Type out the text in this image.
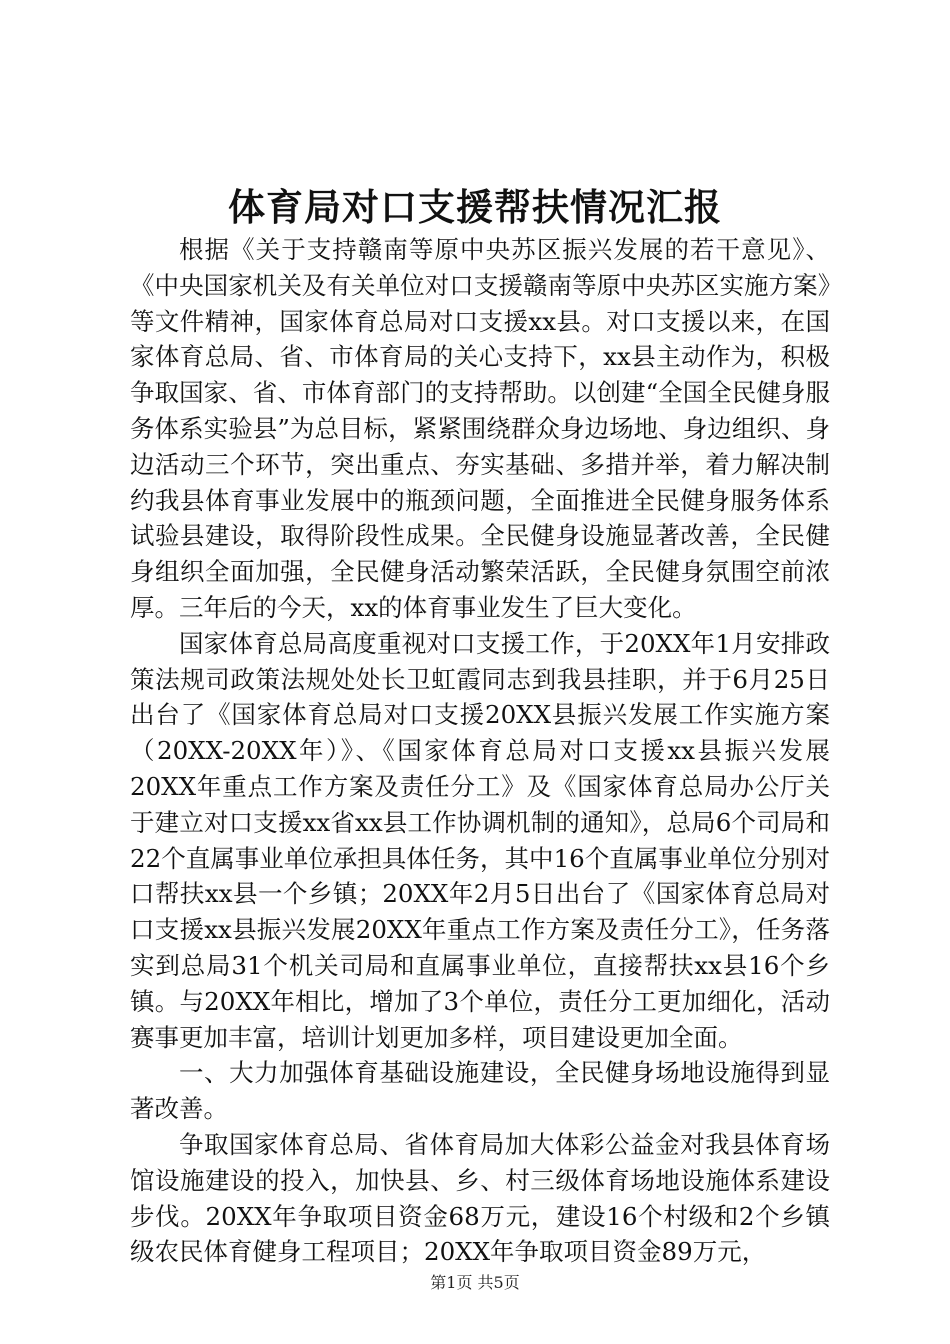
体育局对口支援帮扶情况汇报

根据《关于支持赣南等原中央苏区振兴发展的若干意见》、《中央国家机关及有关单位对口支援赣南等原中央苏区实施方案》等文件精神，国家体育总局对口支援xx县。对口支援以来，在国家体育总局、省、市体育局的关心支持下，xx县主动作为，积极争取国家、省、市体育部门的支持帮助。以创建“全国全民健身服务体系实验县”为总目标，紧紧围绕群众身边场地、身边组织、身边活动三个环节，突出重点、夯实基础、多措并举，着力解决制约我县体育事业发展中的瓶颈问题，全面推进全民健身服务体系试验县建设，取得阶段性成果。全民健身设施显著改善，全民健身组织全面加强，全民健身活动繁荣活跃，全民健身氛围空前浓厚。三年后的今天，xx的体育事业发生了巨大变化。

国家体育总局高度重视对口支援工作，于20XX年1月安排政策法规司政策法规处处长卫虹霞同志到我县挂职，并于6月25日出台了《国家体育总局对口支援20XX县振兴发展工作实施方案（20XX-20XX年）》、《国家体育总局对口支援xx县振兴发展20XX年重点工作方案及责任分工》及《国家体育总局办公厅关于建立对口支援xx省xx县工作协调机制的通知》，总局6个司局和22个直属事业单位承担具体任务，其中16个直属事业单位分别对口帮扶xx县一个乡镇；20XX年2月5日出台了《国家体育总局对口支援xx县振兴发展20XX年重点工作方案及责任分工》，任务落实到总局31个机关司局和直属事业单位，直接帮扶xx县16个乡镇。与20XX年相比，增加了3个单位，责任分工更加细化，活动赛事更加丰富，培训计划更加多样，项目建设更加全面。

一、大力加强体育基础设施建设，全民健身场地设施得到显著改善。

争取国家体育总局、省体育局加大体彩公益金对我县体育场馆设施建设的投入，加快县、乡、村三级体育场地设施体系建设步伐。20XX年争取项目资金68万元，建设16个村级和2个乡镇级农民体育健身工程项目；20XX年争取项目资金89万元，

第1页 共5页
